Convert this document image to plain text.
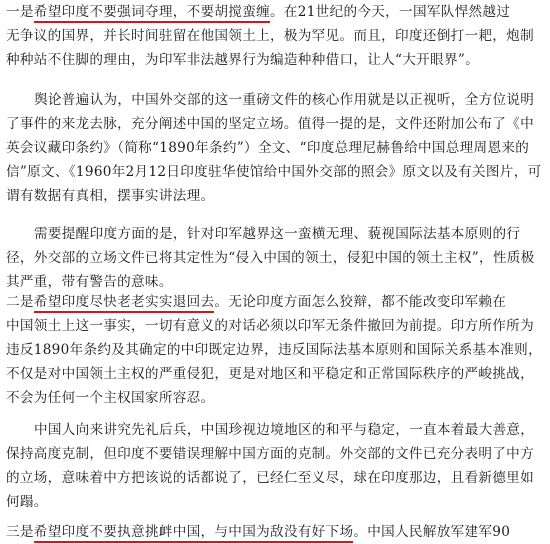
一是希望印度不要强词夺理，不要胡搅蛮缠。在21世纪的今天，一国军队悍然越过
无争议的国界，并长时间驻留在他国领土上，极为罕见。而且，印度还倒打一耙，炮制
种种站不住脚的理由，为印军非法越界行为编造种种借口，让人“大开眼界”。
舆论普遍认为，中国外交部的这一重磅文件的核心作用就是以正视听，全方位说明
了事件的来龙去脉，充分阐述中国的坚定立场。值得一提的是，文件还附加公布了《中
英会议藏印条约》（简称“1890年条约”）全文、“印度总理尼赫鲁给中国总理周恩来的
信”原文、《1960年2月12日印度驻华使馆给中国外交部的照会》原文以及有关图片，可
谓有数据有真相，摆事实讲法理。
需要提醒印度方面的是，针对印军越界这一蛮横无理、藐视国际法基本原则的行
径，外交部的立场文件已将其定性为“侵入中国的领土，侵犯中国的领土主权”，性质极
其严重，带有警告的意味。
二是希望印度尽快老老实实退回去。无论印度方面怎么狡辩，都不能改变印军赖在
中国领土上这一事实，一切有意义的对话必须以印军无条件撤回为前提。印方所作所为
违反1890年条约及其确定的中印既定边界，违反国际法基本原则和国际关系基本准则，
不仅是对中国领土主权的严重侵犯，更是对地区和平稳定和正常国际秩序的严峻挑战，
不会为任何一个主权国家所容忍。
中国人向来讲究先礼后兵，中国珍视边境地区的和平与稳定，一直本着最大善意，
保持高度克制，但印度不要错误理解中国方面的克制。外交部的文件已充分表明了中方
的立场，意味着中方把该说的话都说了，已经仁至义尽，球在印度那边，且看新德里如
何蹋。
三是希望印度不要执意挑衅中国，与中国为敌没有好下场。中国人民解放军建军90
